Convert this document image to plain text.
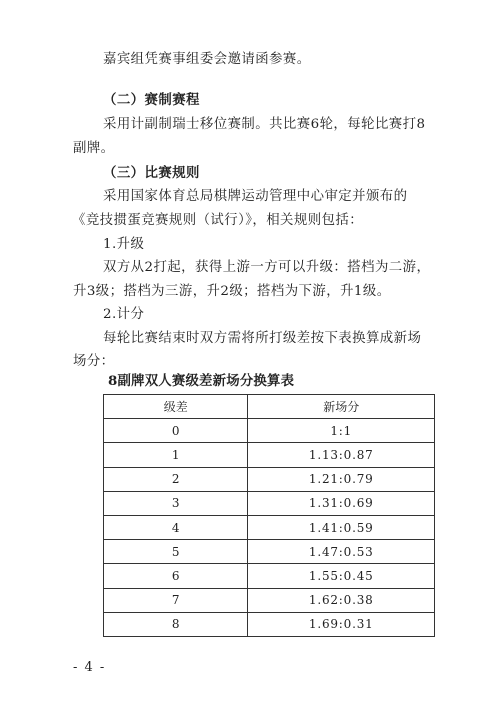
嘉宾组凭赛事组委会邀请函参赛。
（二）赛制赛程
采用计副制瑞士移位赛制。共比赛6轮，每轮比赛打8
副牌。
（三）比赛规则
采用国家体育总局棋牌运动管理中心审定并颁布的
《竞技掼蛋竞赛规则（试行）》，相关规则包括：
1.升级
双方从2打起，获得上游一方可以升级：搭档为二游，
升3级；搭档为三游，升2级；搭档为下游，升1级。
2.计分
每轮比赛结束时双方需将所打级差按下表换算成新场
场分：
8副牌双人赛级差新场分换算表
级差	新场分
0	1:1
1	1.13:0.87
2	1.21:0.79
3	1.31:0.69
4	1.41:0.59
5	1.47:0.53
6	1.55:0.45
7	1.62:0.38
8	1.69:0.31
- 4 -
